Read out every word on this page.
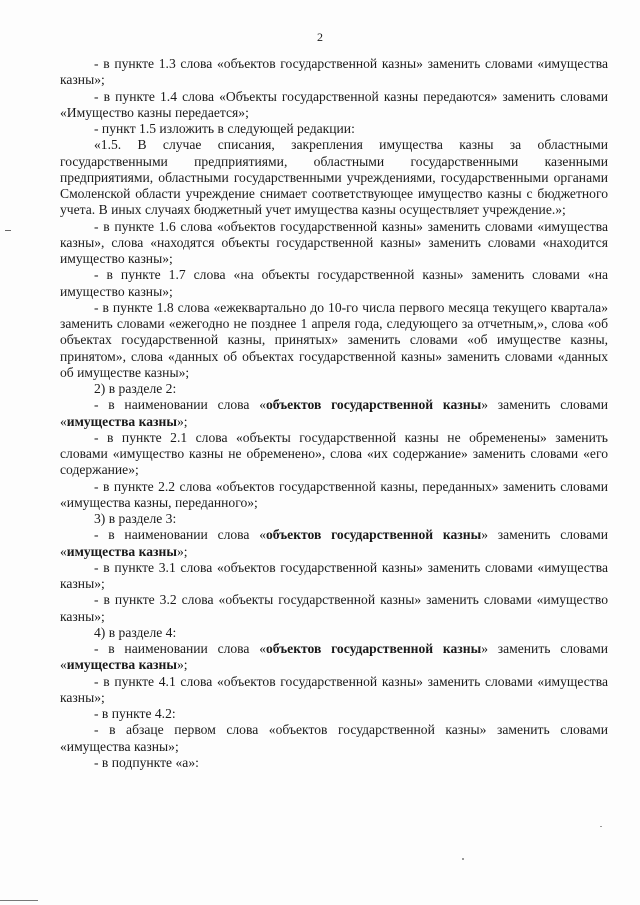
2

- в пункте 1.3 слова «объектов государственной казны» заменить словами «имущества казны»;

- в пункте 1.4 слова «Объекты государственной казны передаются» заменить словами «Имущество казны передается»;

- пункт 1.5 изложить в следующей редакции:

«1.5. В случае списания, закрепления имущества казны за областными государственными предприятиями, областными государственными казенными предприятиями, областными государственными учреждениями, государственными органами Смоленской области учреждение снимает соответствующее имущество казны с бюджетного учета. В иных случаях бюджетный учет имущества казны осуществляет учреждение.»;

- в пункте 1.6 слова «объектов государственной казны» заменить словами «имущества казны», слова «находятся объекты государственной казны» заменить словами «находится имущество казны»;

- в пункте 1.7 слова «на объекты государственной казны» заменить словами «на имущество казны»;

- в пункте 1.8 слова «ежеквартально до 10-го числа первого месяца текущего квартала» заменить словами «ежегодно не позднее 1 апреля года, следующего за отчетным,», слова «об объектах государственной казны, принятых» заменить словами «об имуществе казны, принятом», слова «данных об объектах государственной казны» заменить словами «данных об имуществе казны»;

2) в разделе 2:

- в наименовании слова «объектов государственной казны» заменить словами «имущества казны»;

- в пункте 2.1 слова «объекты государственной казны не обременены» заменить словами «имущество казны не обременено», слова «их содержание» заменить словами «его содержание»;

- в пункте 2.2 слова «объектов государственной казны, переданных» заменить словами «имущества казны, переданного»;

3) в разделе 3:

- в наименовании слова «объектов государственной казны» заменить словами «имущества казны»;

- в пункте 3.1 слова «объектов государственной казны» заменить словами «имущества казны»;

- в пункте 3.2 слова «объекты государственной казны» заменить словами «имущество казны»;

4) в разделе 4:

- в наименовании слова «объектов государственной казны» заменить словами «имущества казны»;

- в пункте 4.1 слова «объектов государственной казны» заменить словами «имущества казны»;

- в пункте 4.2:

- в абзаце первом слова «объектов государственной казны» заменить словами «имущества казны»;

- в подпункте «а»:
